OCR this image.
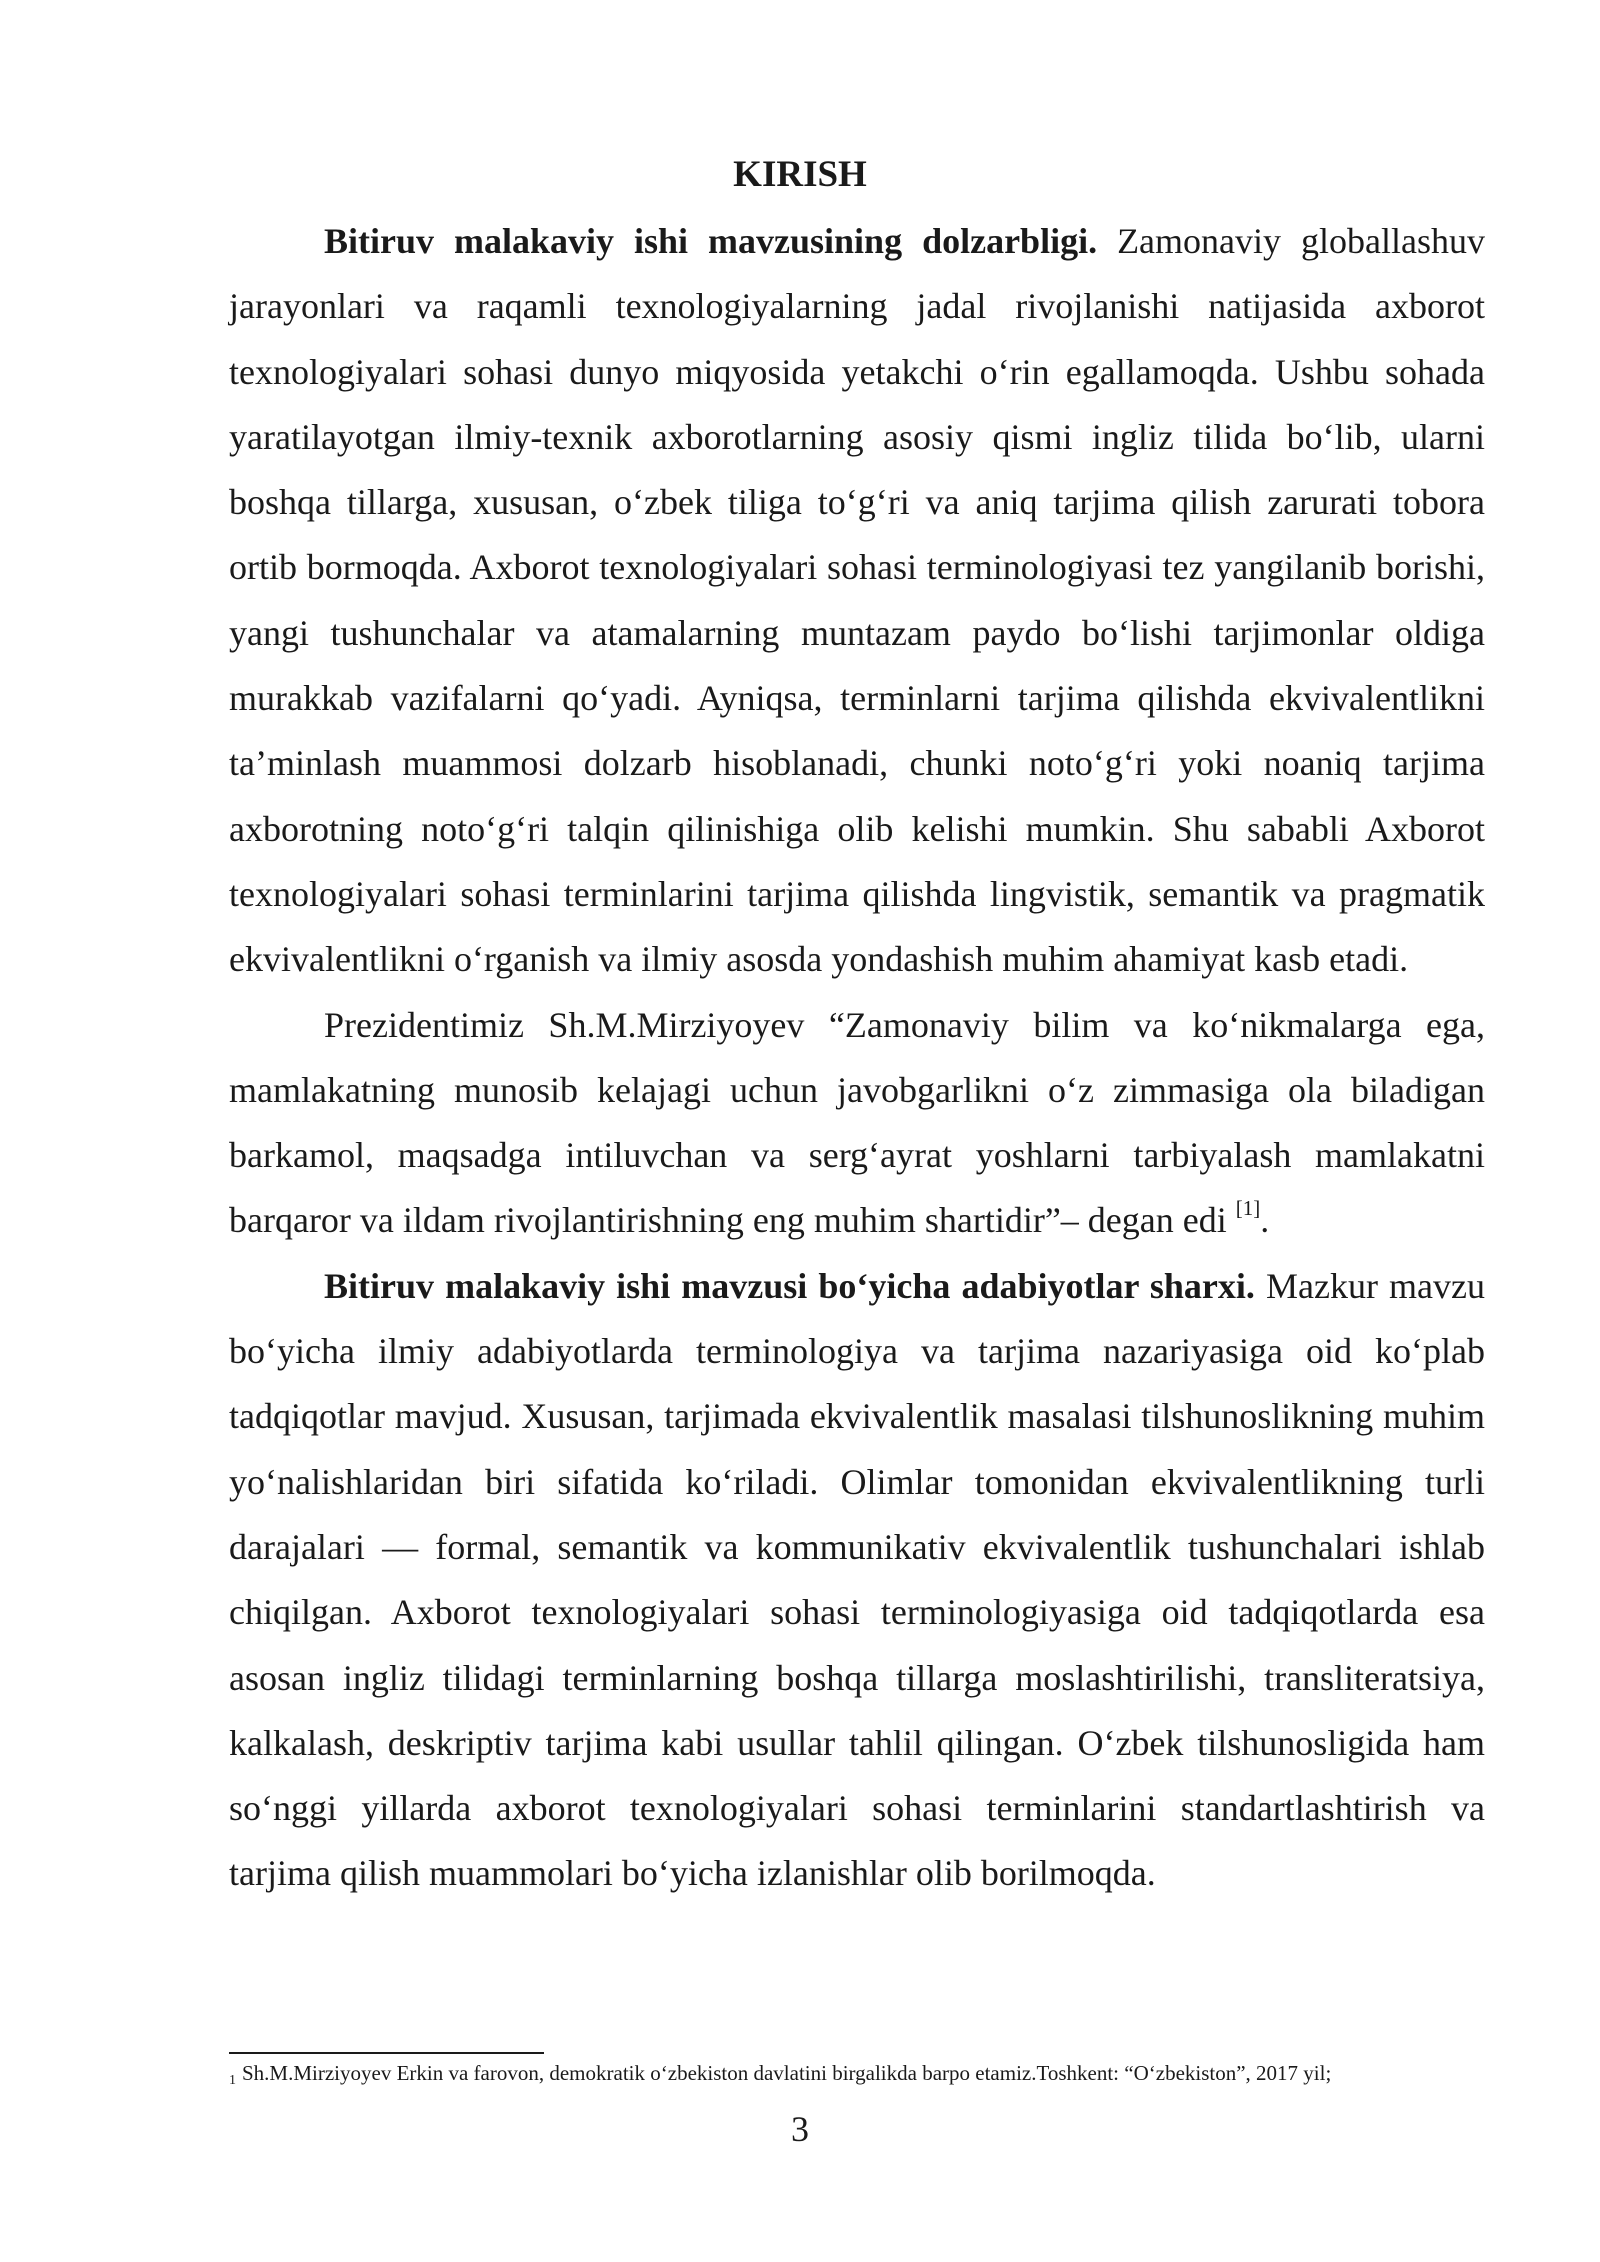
KIRISH

Bitiruv malakaviy ishi mavzusining dolzarbligi. Zamonaviy globallashuv jarayonlari va raqamli texnologiyalarning jadal rivojlanishi natijasida axborot texnologiyalari sohasi dunyo miqyosida yetakchi o‘rin egallamoqda. Ushbu sohada yaratilayotgan ilmiy-texnik axborotlarning asosiy qismi ingliz tilida bo‘lib, ularni boshqa tillarga, xususan, o‘zbek tiliga to‘g‘ri va aniq tarjima qilish zarurati tobora ortib bormoqda. Axborot texnologiyalari sohasi terminologiyasi tez yangilanib borishi, yangi tushunchalar va atamalarning muntazam paydo bo‘lishi tarjimonlar oldiga murakkab vazifalarni qo‘yadi. Ayniqsa, terminlarni tarjima qilishda ekvivalentlikni ta’minlash muammosi dolzarb hisoblanadi, chunki noto‘g‘ri yoki noaniq tarjima axborotning noto‘g‘ri talqin qilinishiga olib kelishi mumkin. Shu sababli Axborot texnologiyalari sohasi terminlarini tarjima qilishda lingvistik, semantik va pragmatik ekvivalentlikni o‘rganish va ilmiy asosda yondashish muhim ahamiyat kasb etadi.

Prezidentimiz Sh.M.Mirziyoyev “Zamonaviy bilim va ko‘nikmalarga ega, mamlakatning munosib kelajagi uchun javobgarlikni o‘z zimmasiga ola biladigan barkamol, maqsadga intiluvchan va serg‘ayrat yoshlarni tarbiyalash mamlakatni barqaror va ildam rivojlantirishning eng muhim shartidir”– degan edi [1].

Bitiruv malakaviy ishi mavzusi bo‘yicha adabiyotlar sharxi. Mazkur mavzu bo‘yicha ilmiy adabiyotlarda terminologiya va tarjima nazariyasiga oid ko‘plab tadqiqotlar mavjud. Xususan, tarjimada ekvivalentlik masalasi tilshunoslikning muhim yo‘nalishlaridan biri sifatida ko‘riladi. Olimlar tomonidan ekvivalentlikning turli darajalari — formal, semantik va kommunikativ ekvivalentlik tushunchalari ishlab chiqilgan. Axborot texnologiyalari sohasi terminologiyasiga oid tadqiqotlarda esa asosan ingliz tilidagi terminlarning boshqa tillarga moslashtirilishi, transliteratsiya, kalkalash, deskriptiv tarjima kabi usullar tahlil qilingan. O‘zbek tilshunosligida ham so‘nggi yillarda axborot texnologiyalari sohasi terminlarini standartlashtirish va tarjima qilish muammolari bo‘yicha izlanishlar olib borilmoqda.

1 Sh.M.Mirziyoyev Erkin va farovon, demokratik o‘zbekiston davlatini birgalikda barpo etamiz.Toshkent: “O‘zbekiston”, 2017 yil;
3
